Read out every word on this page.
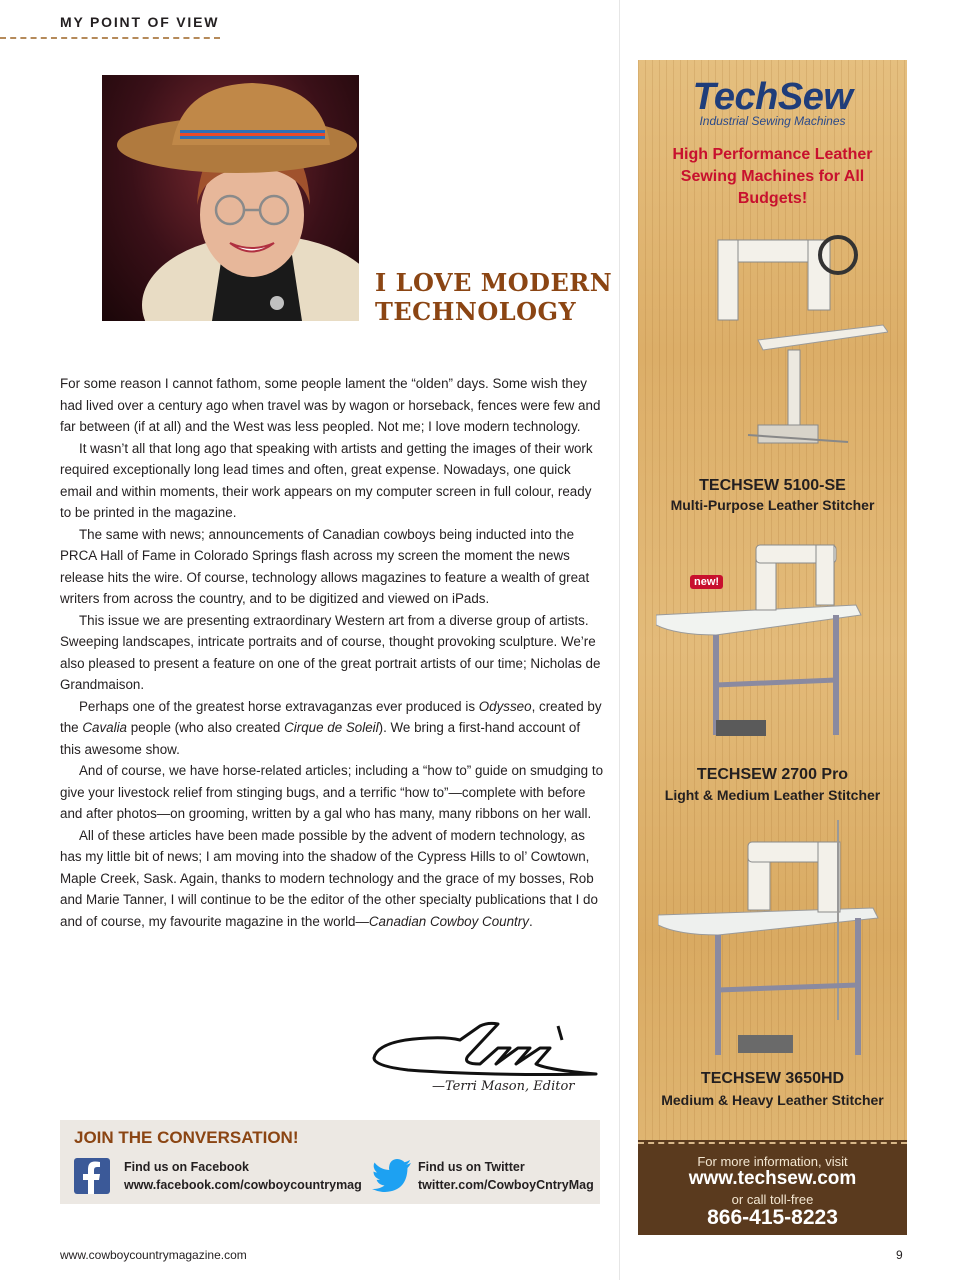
MY POINT OF VIEW
I LOVE MODERN
TECHNOLOGY

For some reason I cannot fathom, some people lament the “olden” days. Some wish they had lived over a century ago when travel was by wagon or horseback, fences were few and far between (if at all) and the West was less peopled. Not me; I love modern technology.

It wasn’t all that long ago that speaking with artists and getting the images of their work required exceptionally long lead times and often, great expense. Nowadays, one quick email and within moments, their work appears on my computer screen in full colour, ready to be printed in the magazine.

The same with news; announcements of Canadian cowboys being inducted into the PRCA Hall of Fame in Colorado Springs flash across my screen the moment the news release hits the wire. Of course, technology allows magazines to feature a wealth of great writers from across the country, and to be digitized and viewed on iPads.

This issue we are presenting extraordinary Western art from a diverse group of artists. Sweeping landscapes, intricate portraits and of course, thought provoking sculpture. We’re also pleased to present a feature on one of the great portrait artists of our time; Nicholas de Grandmaison.

Perhaps one of the greatest horse extravaganzas ever produced is Odysseo, created by the Cavalia people (who also created Cirque de Soleil). We bring a first-hand account of this awesome show.

And of course, we have horse-related articles; including a “how to” guide on smudging to give your livestock relief from stinging bugs, and a terrific “how to”—complete with before and after photos—on grooming, written by a gal who has many, many ribbons on her wall.

All of these articles have been made possible by the advent of modern technology, as has my little bit of news; I am moving into the shadow of the Cypress Hills to ol’ Cowtown, Maple Creek, Sask. Again, thanks to modern technology and the grace of my bosses, Rob and Marie Tanner, I will continue to be the editor of the other specialty publications that I do and of course, my favourite magazine in the world—Canadian Cowboy Country.

—Terri Mason, Editor
JOIN THE CONVERSATION!
Find us on Facebook
www.facebook.com/cowboycountrymag
Find us on Twitter
twitter.com/CowboyCntryMag
www.cowboycountrymagazine.com	9
TechSew
Industrial Sewing Machines
High Performance Leather Sewing Machines for All Budgets!
TECHSEW 5100-SE
Multi-Purpose Leather Stitcher
new!
TECHSEW 2700 Pro
Light & Medium Leather Stitcher
TECHSEW 3650HD
Medium & Heavy Leather Stitcher
For more information, visit
www.techsew.com
or call toll-free
866-415-8223
